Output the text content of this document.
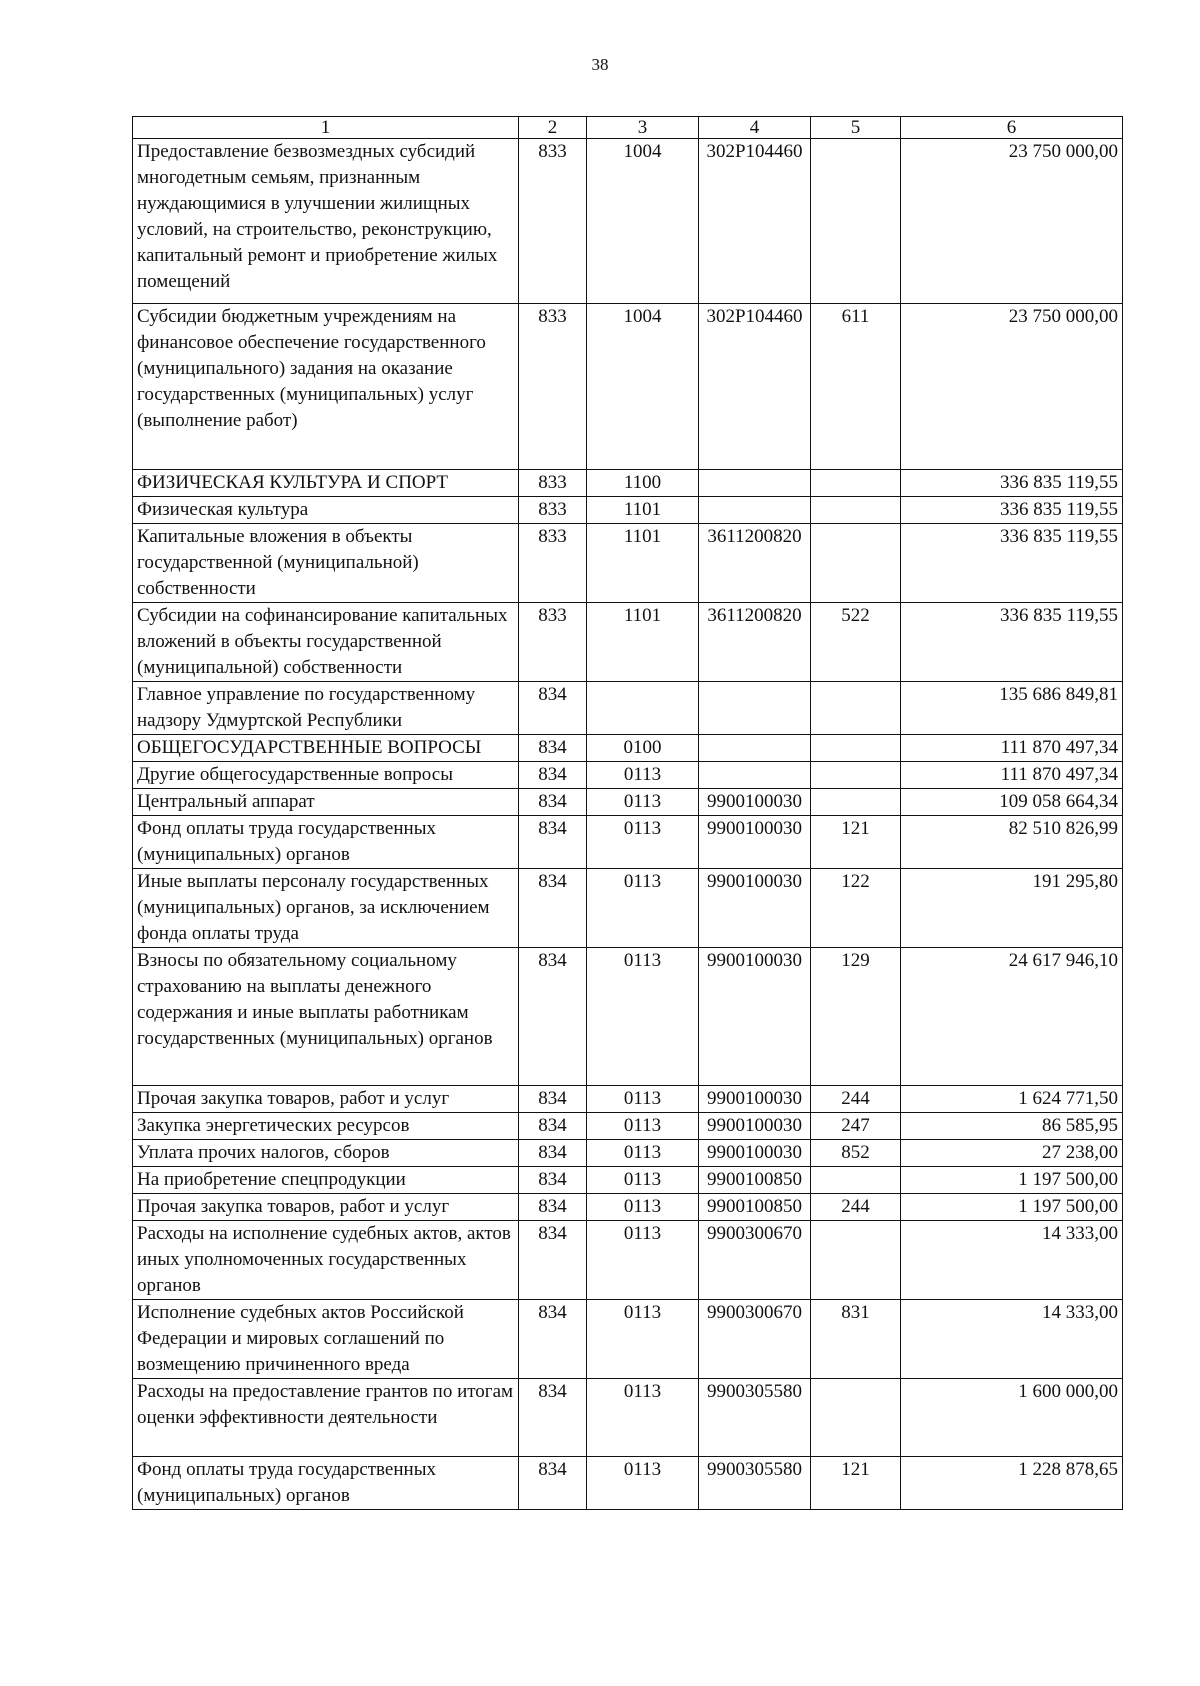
38
1	2	3	4	5	6
Предоставление безвозмездных субсидий многодетным семьям, признанным нуждающимися в улучшении жилищных условий, на строительство, реконструкцию, капитальный ремонт и приобретение жилых помещений	833	1004	302P104460		23 750 000,00
Субсидии бюджетным учреждениям на финансовое обеспечение государственного (муниципального) задания на оказание государственных (муниципальных) услуг (выполнение работ)	833	1004	302P104460	611	23 750 000,00
ФИЗИЧЕСКАЯ КУЛЬТУРА И СПОРТ	833	1100			336 835 119,55
Физическая культура	833	1101			336 835 119,55
Капитальные вложения в объекты государственной (муниципальной) собственности	833	1101	3611200820		336 835 119,55
Субсидии на софинансирование капитальных вложений в объекты государственной (муниципальной) собственности	833	1101	3611200820	522	336 835 119,55
Главное управление по государственному надзору Удмуртской Республики	834				135 686 849,81
ОБЩЕГОСУДАРСТВЕННЫЕ ВОПРОСЫ	834	0100			111 870 497,34
Другие общегосударственные вопросы	834	0113			111 870 497,34
Центральный аппарат	834	0113	9900100030		109 058 664,34
Фонд оплаты труда государственных (муниципальных) органов	834	0113	9900100030	121	82 510 826,99
Иные выплаты персоналу государственных (муниципальных) органов, за исключением фонда оплаты труда	834	0113	9900100030	122	191 295,80
Взносы по обязательному социальному страхованию на выплаты денежного содержания и иные выплаты работникам государственных (муниципальных) органов	834	0113	9900100030	129	24 617 946,10
Прочая закупка товаров, работ и услуг	834	0113	9900100030	244	1 624 771,50
Закупка энергетических ресурсов	834	0113	9900100030	247	86 585,95
Уплата прочих налогов, сборов	834	0113	9900100030	852	27 238,00
На приобретение спецпродукции	834	0113	9900100850		1 197 500,00
Прочая закупка товаров, работ и услуг	834	0113	9900100850	244	1 197 500,00
Расходы на исполнение судебных актов, актов иных уполномоченных государственных органов	834	0113	9900300670		14 333,00
Исполнение судебных актов Российской Федерации и мировых соглашений по возмещению причиненного вреда	834	0113	9900300670	831	14 333,00
Расходы на предоставление грантов по итогам оценки эффективности деятельности	834	0113	9900305580		1 600 000,00
Фонд оплаты труда государственных (муниципальных) органов	834	0113	9900305580	121	1 228 878,65
